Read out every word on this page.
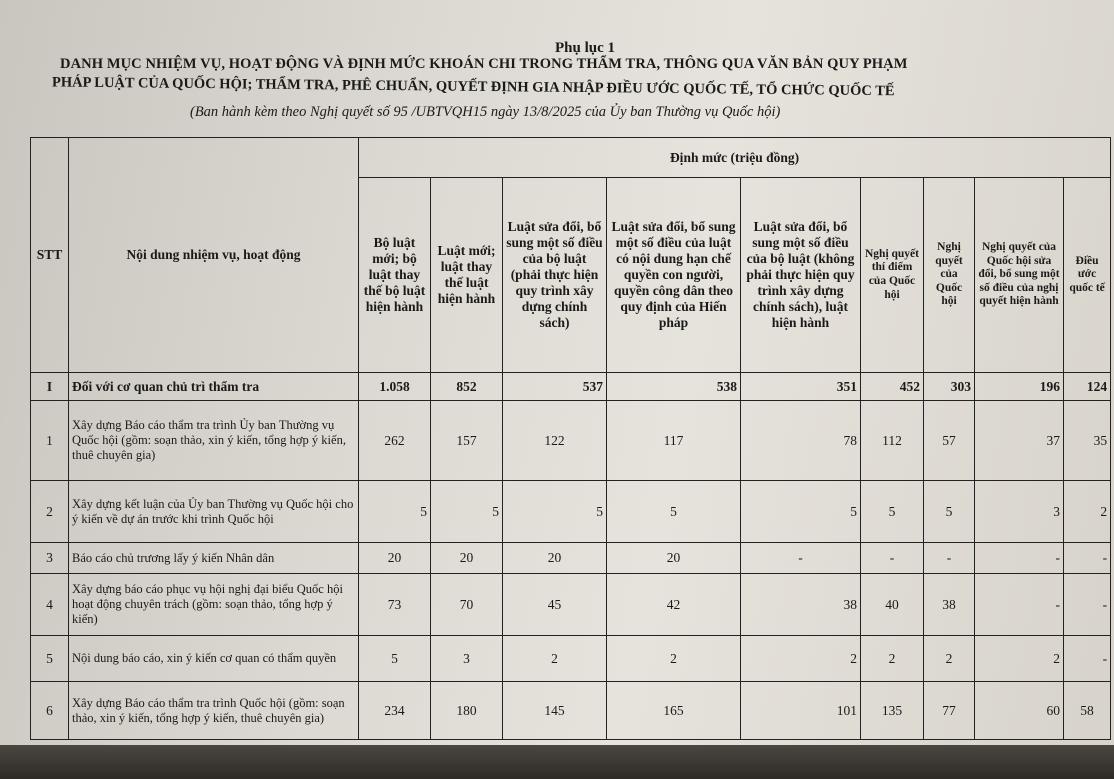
Phụ lục 1
DANH MỤC NHIỆM VỤ, HOẠT ĐỘNG VÀ ĐỊNH MỨC KHOÁN CHI TRONG THẨM TRA, THÔNG QUA VĂN BẢN QUY PHẠM
PHÁP LUẬT CỦA QUỐC HỘI; THẨM TRA, PHÊ CHUẨN, QUYẾT ĐỊNH GIA NHẬP ĐIỀU ƯỚC QUỐC TẾ, TỔ CHỨC QUỐC TẾ
(Ban hành kèm theo Nghị quyết số 95 /UBTVQH15 ngày 13/8/2025 của Ủy ban Thường vụ Quốc hội)
STT	Nội dung nhiệm vụ, hoạt động	Định mức (triệu đồng)								
		Bộ luật mới; bộ luật thay thế bộ luật hiện hành	Luật mới; luật thay thế luật hiện hành	Luật sửa đổi, bổ sung một số điều của bộ luật (phải thực hiện quy trình xây dựng chính sách)	Luật sửa đổi, bổ sung một số điều của luật có nội dung hạn chế quyền con người, quyền công dân theo quy định của Hiến pháp	Luật sửa đổi, bổ sung một số điều của bộ luật (không phải thực hiện quy trình xây dựng chính sách), luật hiện hành	Nghị quyết thí điểm của Quốc hội	Nghị quyết của Quốc hội	Nghị quyết của Quốc hội sửa đổi, bổ sung một số điều của nghị quyết hiện hành	Điều ước quốc tế
I	Đối với cơ quan chủ trì thẩm tra	1.058	852	537	538	351	452	303	196	124
1	Xây dựng Báo cáo thẩm tra trình Ủy ban Thường vụ Quốc hội (gồm: soạn thảo, xin ý kiến, tổng hợp ý kiến, thuê chuyên gia)	262	157	122	117	78	112	57	37	35
2	Xây dựng kết luận của Ủy ban Thường vụ Quốc hội cho ý kiến về dự án trước khi trình Quốc hội	5	5	5	5	5	5	5	3	2
3	Báo cáo chủ trương lấy ý kiến Nhân dân	20	20	20	20	-	-	-	-	-
4	Xây dựng báo cáo phục vụ hội nghị đại biểu Quốc hội hoạt động chuyên trách (gồm: soạn thảo, tổng hợp ý kiến)	73	70	45	42	38	40	38	-	-
5	Nội dung báo cáo, xin ý kiến cơ quan có thẩm quyền	5	3	2	2	2	2	2	2	-
6	Xây dựng Báo cáo thẩm tra trình Quốc hội (gồm: soạn thảo, xin ý kiến, tổng hợp ý kiến, thuê chuyên gia)	234	180	145	165	101	135	77	60	58
